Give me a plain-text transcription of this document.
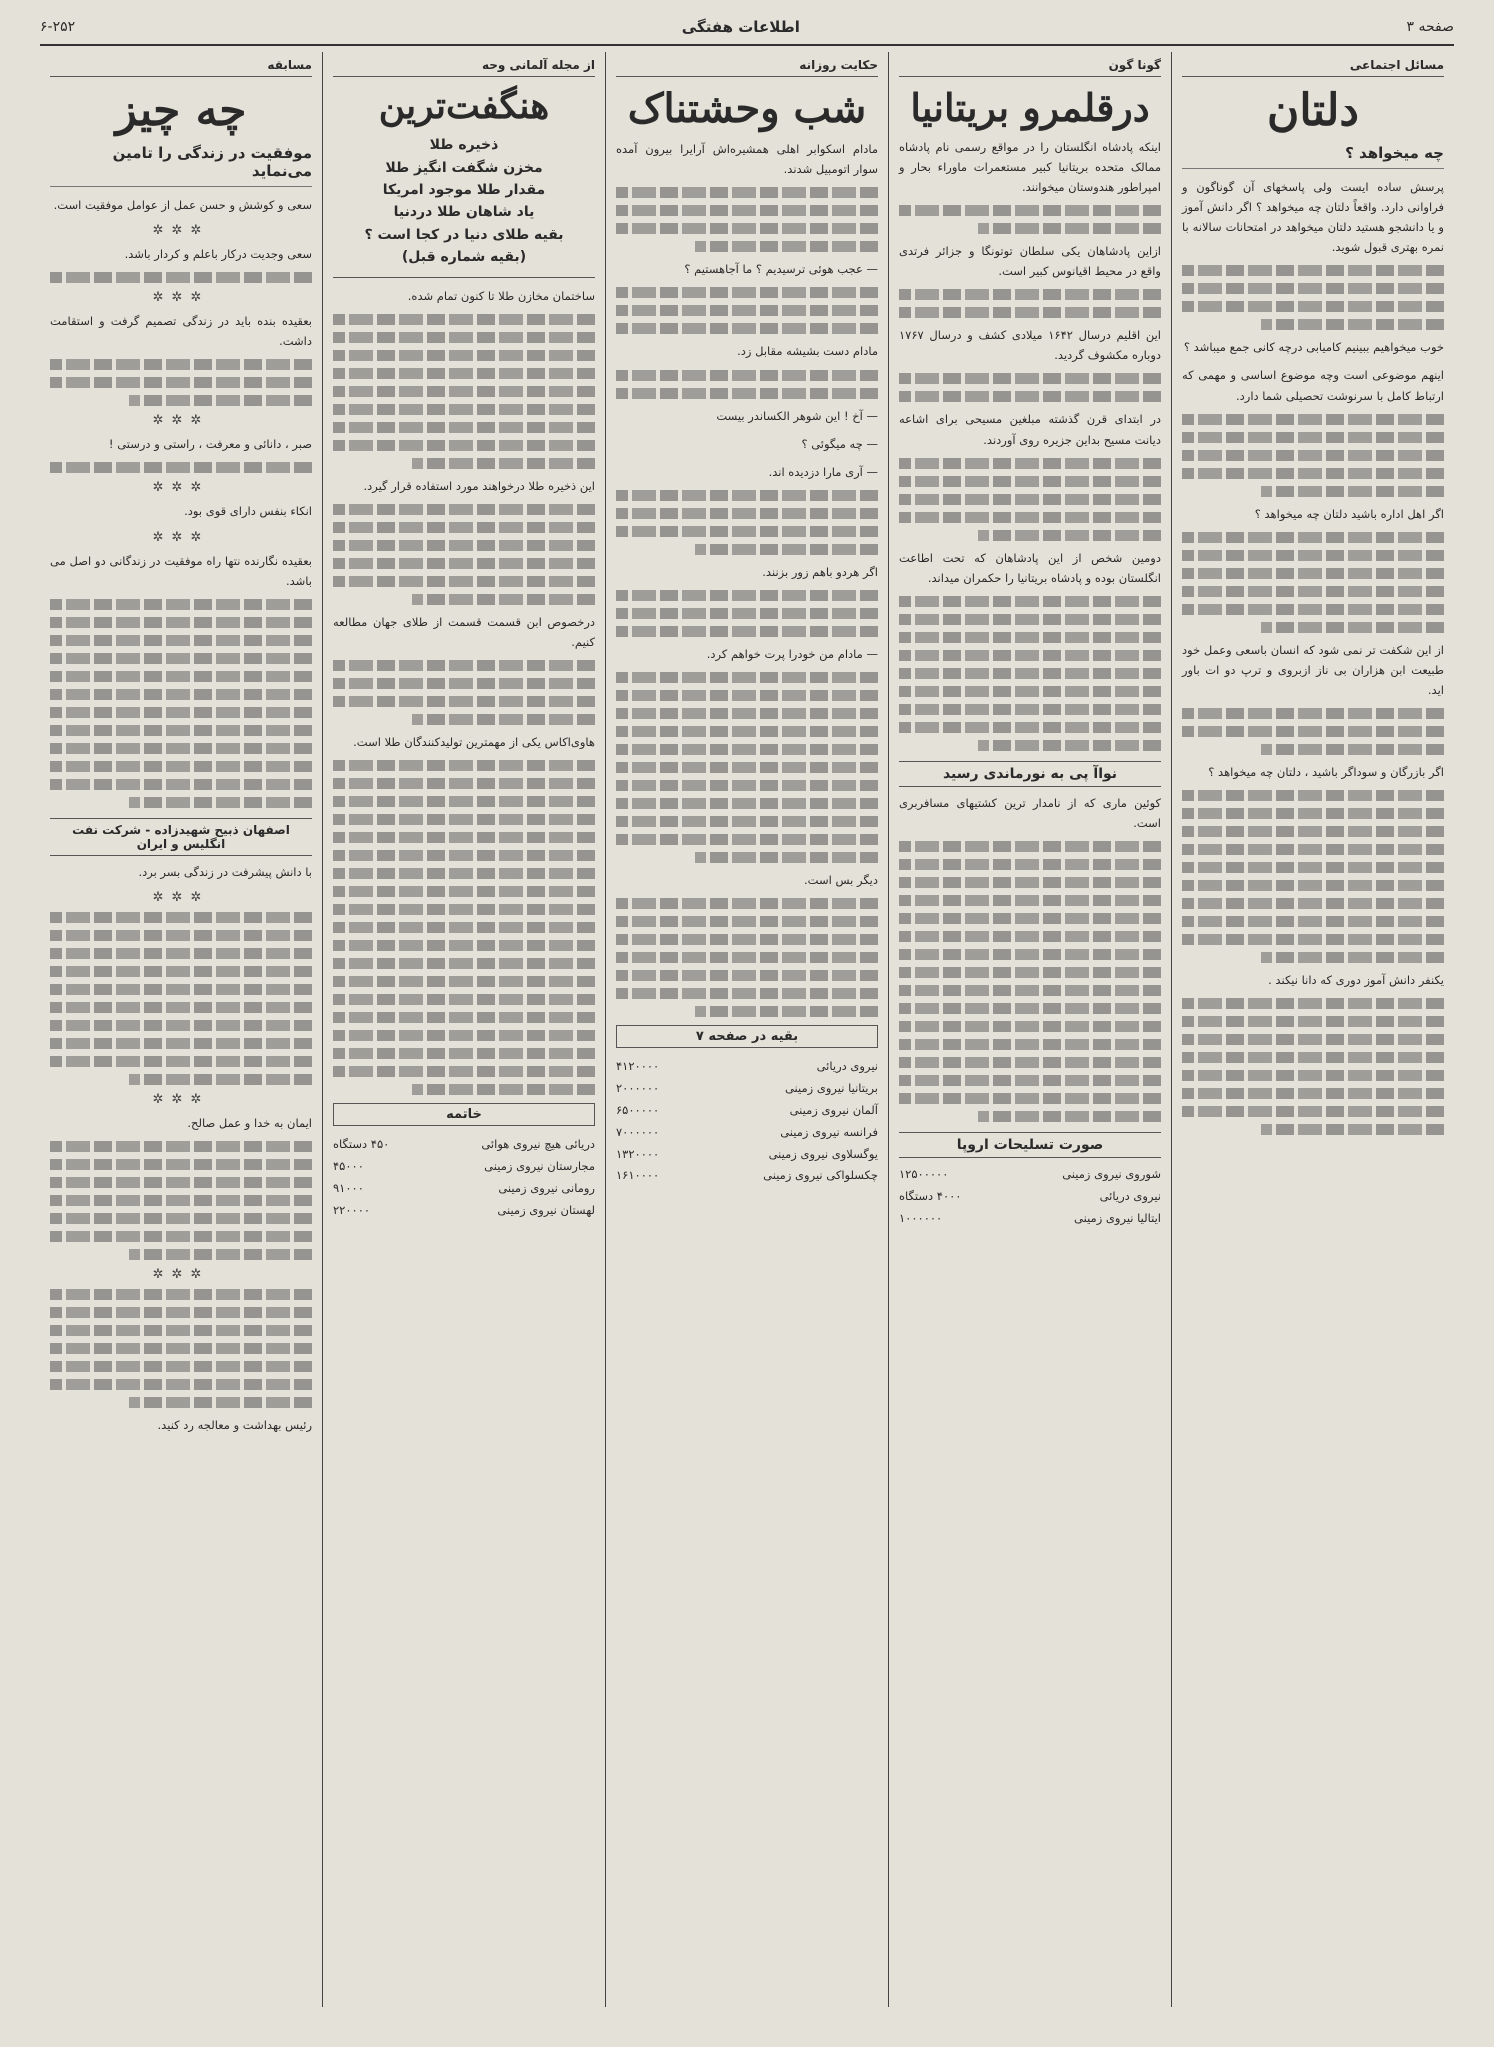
صفحه ۳
اطلاعات هفتگی
۶-۲۵۲
مسائل اجتماعی
دلتان
چه میخواهد ؟

پرسش ساده ایست ولی پاسخهای آن گوناگون و فراوانی دارد. واقعاً دلتان چه میخواهد ؟ اگر دانش آموز و یا دانشجو هستید دلتان میخواهد در امتحانات سالانه با نمره بهتری قبول شوید.

خوب میخواهیم ببینیم کامیابی درچه کانی جمع میباشد ؟

اینهم موضوعی است وچه موضوع اساسی و مهمی که ارتباط کامل با سرنوشت تحصیلی شما دارد.

اگر اهل اداره باشید دلتان چه میخواهد ؟

از این شکفت تر نمی شود که انسان باسعی وعمل خود طبیعت ابن هزاران بی ناز ازبروی و ترپ دو ات باور اید.

اگر بازرگان و سوداگر باشید ، دلتان چه میخواهد ؟

یکنفر دانش آموز دوری که دانا نیکند .

گونا گون
درقلمرو بریتانیا

اینکه پادشاه انگلستان را در مواقع رسمی نام پادشاه ممالک متحده بریتانیا کبیر مستعمرات ماوراء بحار و امپراطور هندوستان میخوانند.

ازاین پادشاهان یکی سلطان توتونگا و جزائر فرتدی واقع در محیط اقیانوس کبیر است.

این اقلیم درسال ۱۶۴۲ میلادی کشف و درسال ۱۷۶۷ دوباره مکشوف گردید.

در ابتدای قرن گذشته مبلغین مسیحی برای اشاعه دیانت مسیح بداین جزیره روی آوردند.

دومین شخص از این پادشاهان که تحت اطاعت انگلستان بوده و پادشاه بریتانیا را حکمران میداند.

نواآ پی به نورماندی رسید

کوئین ماری که از نامدار ترین کشتیهای مسافربری است.

صورت تسلیحات اروپا
شوروی نیروی زمینی
۱۲۵۰۰۰۰۰
نیروی دریائی
۴۰۰۰ دستگاه
ایتالیا نیروی زمینی
۱۰۰۰۰۰۰
حکایت روزانه
شب وحشتناک

مادام اسکوابر اهلی همشیره‌اش آرایرا بیرون آمده سوار اتومبیل شدند.

— عجب هوئی ترسیدیم ؟ ما آجاهستیم ؟

مادام دست بشیشه مقابل زد.

— آخ ! این شوهر الکساندر بیست

— چه میگوئی ؟

— آری مارا دزدیده اند.

اگر هردو باهم زور بزنند.

— مادام من خودرا پرت خواهم کرد.

دیگر بس است.

بقیه در صفحه ۷
نیروی دریائی
۴۱۲۰۰۰۰
بریتانیا نیروی زمینی
۲۰۰۰۰۰۰
آلمان نیروی زمینی
۶۵۰۰۰۰۰
فرانسه نیروی زمینی
۷۰۰۰۰۰۰
یوگسلاوی نیروی زمینی
۱۳۲۰۰۰۰
چکسلواکی نیروی زمینی
۱۶۱۰۰۰۰
از مجله آلمانی وحه
هنگفت‌ترین
ذخیره طلا
مخزن شگفت انگیز طلا
مقدار طلا موجود امریکا
یاد شاهان طلا دردنیا
بقیه طلای دنیا در کجا است ؟
(بقیه شماره قبل)

ساختمان مخازن طلا تا کنون تمام شده.

این ذخیره طلا درخواهند مورد استفاده قرار گیرد.

درخصوص ابن قسمت قسمت از طلای جهان مطالعه کنیم.

هاوی‌اکاس یکی از مهمترین تولیدکنندگان طلا است.

خاتمه
دریائی هیچ نیروی هوائی
۴۵۰ دستگاه
مجارستان نیروی زمینی
۴۵۰۰۰
رومانی نیروی زمینی
۹۱۰۰۰
لهستان نیروی زمینی
۲۲۰۰۰۰
مسابقه
چه چیز
موفقیت در زندگی را تامین می‌نماید

سعی و کوشش و حسن عمل از عوامل موفقیت است.

✲✲✲

سعی وجدیت درکار باعلم و کردار باشد.

✲✲✲

بعقیده بنده باید در زندگی تصمیم گرفت و استقامت داشت.

✲✲✲

صبر ، دانائی و معرفت ، راستی و درستی !

✲✲✲

انکاء بنفس دارای قوی بود.

✲✲✲

بعقیده نگارنده نتها راه موفقیت در زندگانی دو اصل می باشد.

اصفهان ذبیح شهیدزاده - شرکت نفت انگلیس و ایران

با دانش پیشرفت در زندگی بسر برد.

✲✲✲
✲✲✲

ایمان به خدا و عمل صالح.

✲✲✲

رئیس بهداشت و معالجه رد کنید.
